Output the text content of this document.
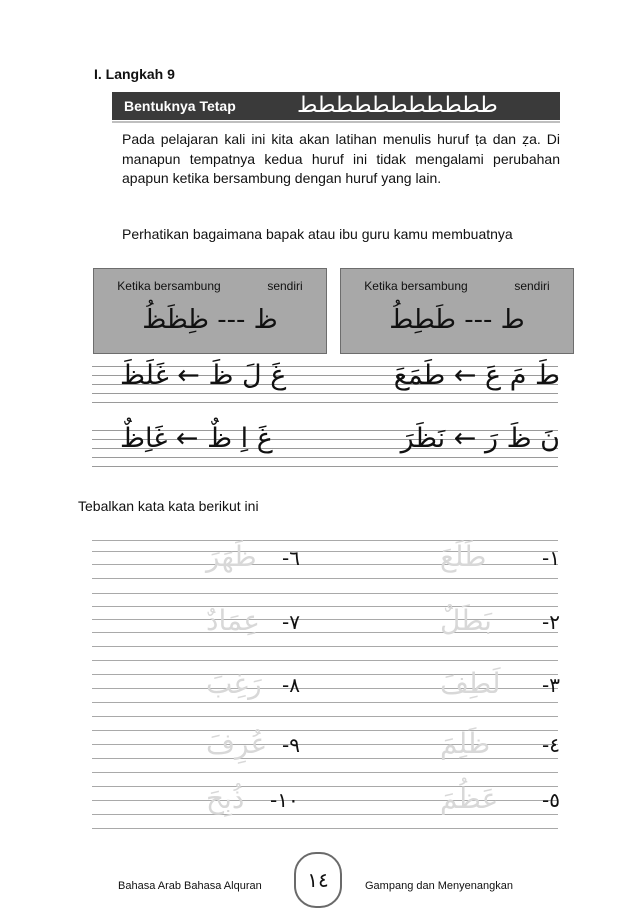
I. Langkah 9
Bentuknya Tetap	ططططططططططط

Pada pelajaran kali ini kita akan latihan menulis huruf ṭa dan ẓa. Di manapun tempatnya kedua huruf ini tidak mengalami perubahan apapun ketika bersambung dengan huruf yang lain.

Perhatikan bagaimana bapak atau ibu guru kamu membuatnya

Ketika bersambung	sendiri
ظ --- ظِظَظُ
Ketika bersambung	sendiri
ط --- طَطِطُ
طَ مَ عَ ← طَمَعَ
غَ لَ ظَ ← غَلَظَ
نَ ظَ رَ ← نَظَرَ
غَ اِ ظٌ ← غَاِظٌ
Tebalkan kata kata berikut ini
١-
طَلَعَ
٢-
بَطَلٌ
٣-
لَطِفَ
٤-
ظَلِمَ
٥-
عَظُمَ
٦-
ظَهَرَ
٧-
عِمَادٌ
٨-
رَغِبَ
٩-
عُرِفَ
١٠-
ذُبِحَ
Bahasa Arab Bahasa Alquran	١٤	Gampang dan Menyenangkan
